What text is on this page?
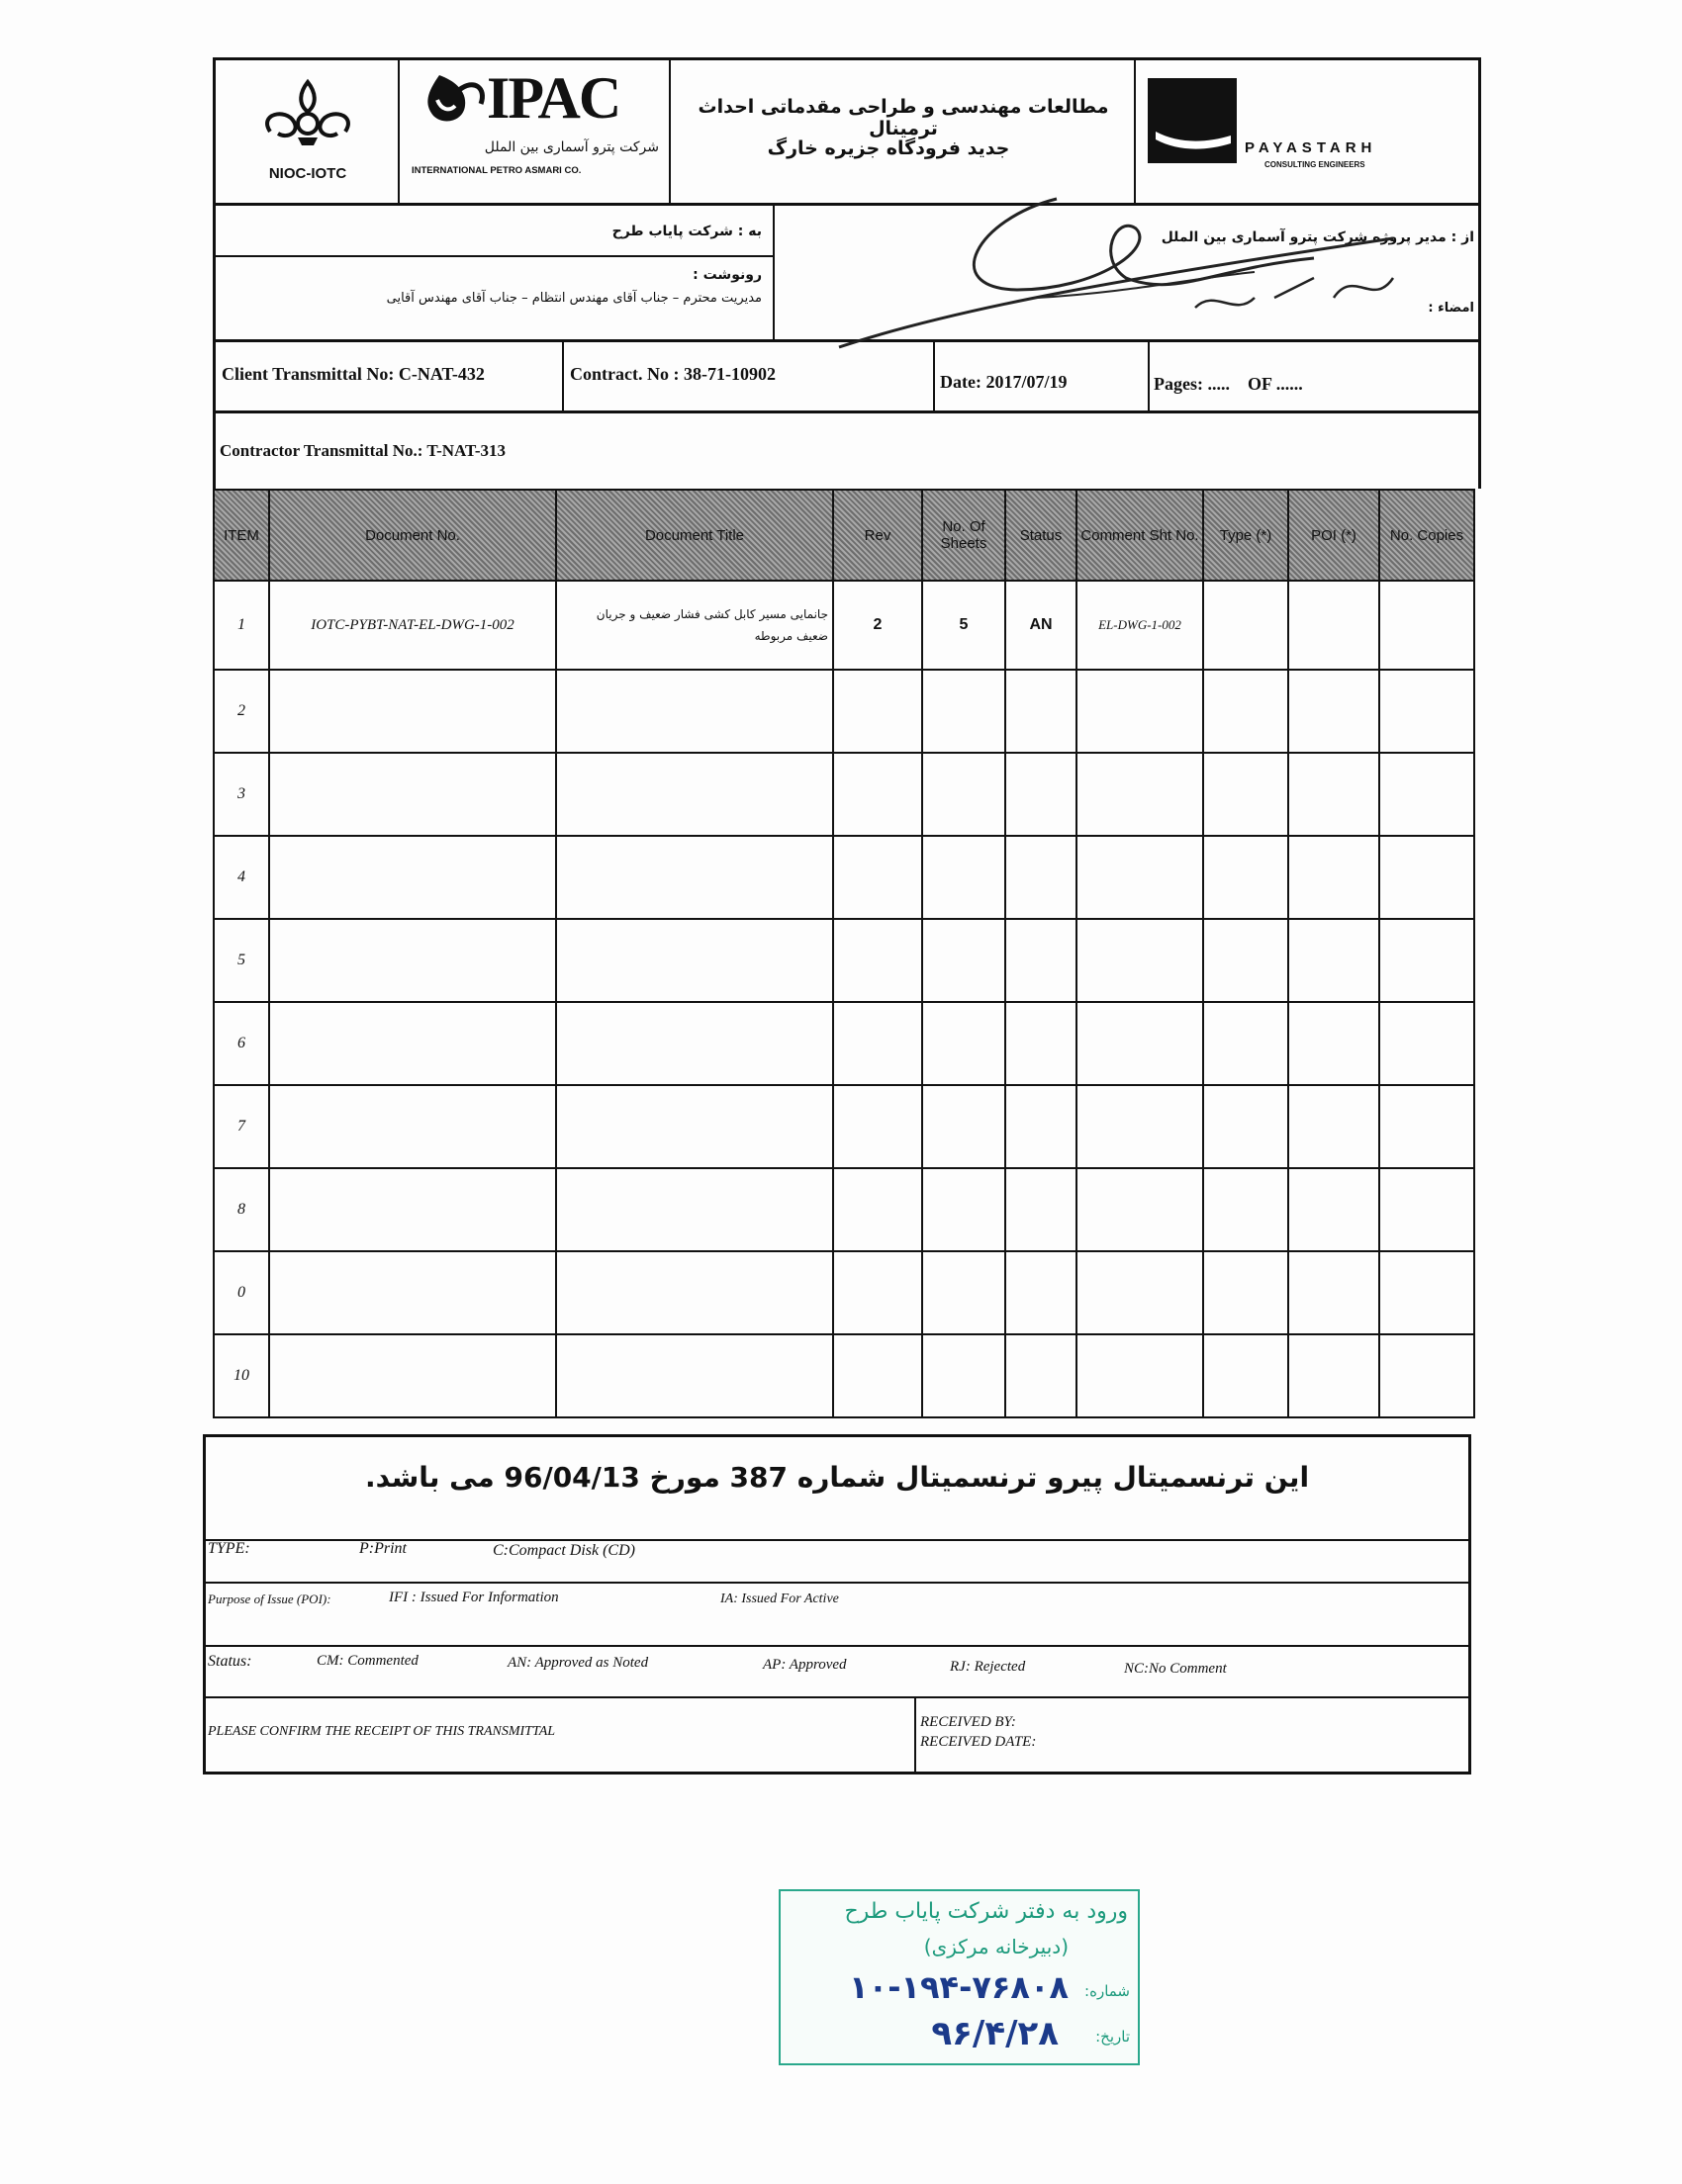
NIOC-IOTC
IPAC
شرکت پترو آسماری بین الملل
INTERNATIONAL PETRO ASMARI CO.
مطالعات مهندسی و طراحی مقدماتی احداث ترمینال
جدید فرودگاه جزیره خارگ	PAYASTARH
CONSULTING ENGINEERS
به : شرکت پایاب طرح
رونوشت :
مدیریت محترم – جناب آقای مهندس انتظام – جناب آقای مهندس آقایی
از : مدیر پروژه شرکت پترو آسماری بین الملل
امضاء :
Client Transmittal No: C-NAT-432	Contract. No : 38-71-10902	Date: 2017/07/19	Pages: .....    OF ......
Contractor Transmittal No.: T-NAT-313
ITEM	Document No.	Document Title	Rev	No. Of Sheets	Status	Comment Sht No.	Type (*)	POI (*)	No. Copies
1	IOTC-PYBT-NAT-EL-DWG-1-002	جانمایی مسیر کابل کشی فشار ضعیف و جریان ضعیف مربوطه	2	5	AN	EL-DWG-1-002			
2									
3									
4									
5									
6									
7									
8									
0									
10									
این ترنسمیتال پیرو ترنسمیتال شماره 387 مورخ 96/04/13 می باشد.
TYPE:	P:Print	C:Compact Disk (CD)
Purpose of Issue (POI):	IFI : Issued For Information	IA: Issued For Active
Status:	CM: Commented	AN: Approved as Noted	AP: Approved	RJ: Rejected	NC:No Comment
PLEASE CONFIRM THE RECEIPT OF THIS TRANSMITTAL
RECEIVED BY:
RECEIVED DATE:
ورود به دفتر شرکت پایاب طرح
(دبیرخانه مرکزی)
شماره:
۱۰-۱۹۴-۷۶۸۰۸
تاریخ:
۹۶/۴/۲۸
